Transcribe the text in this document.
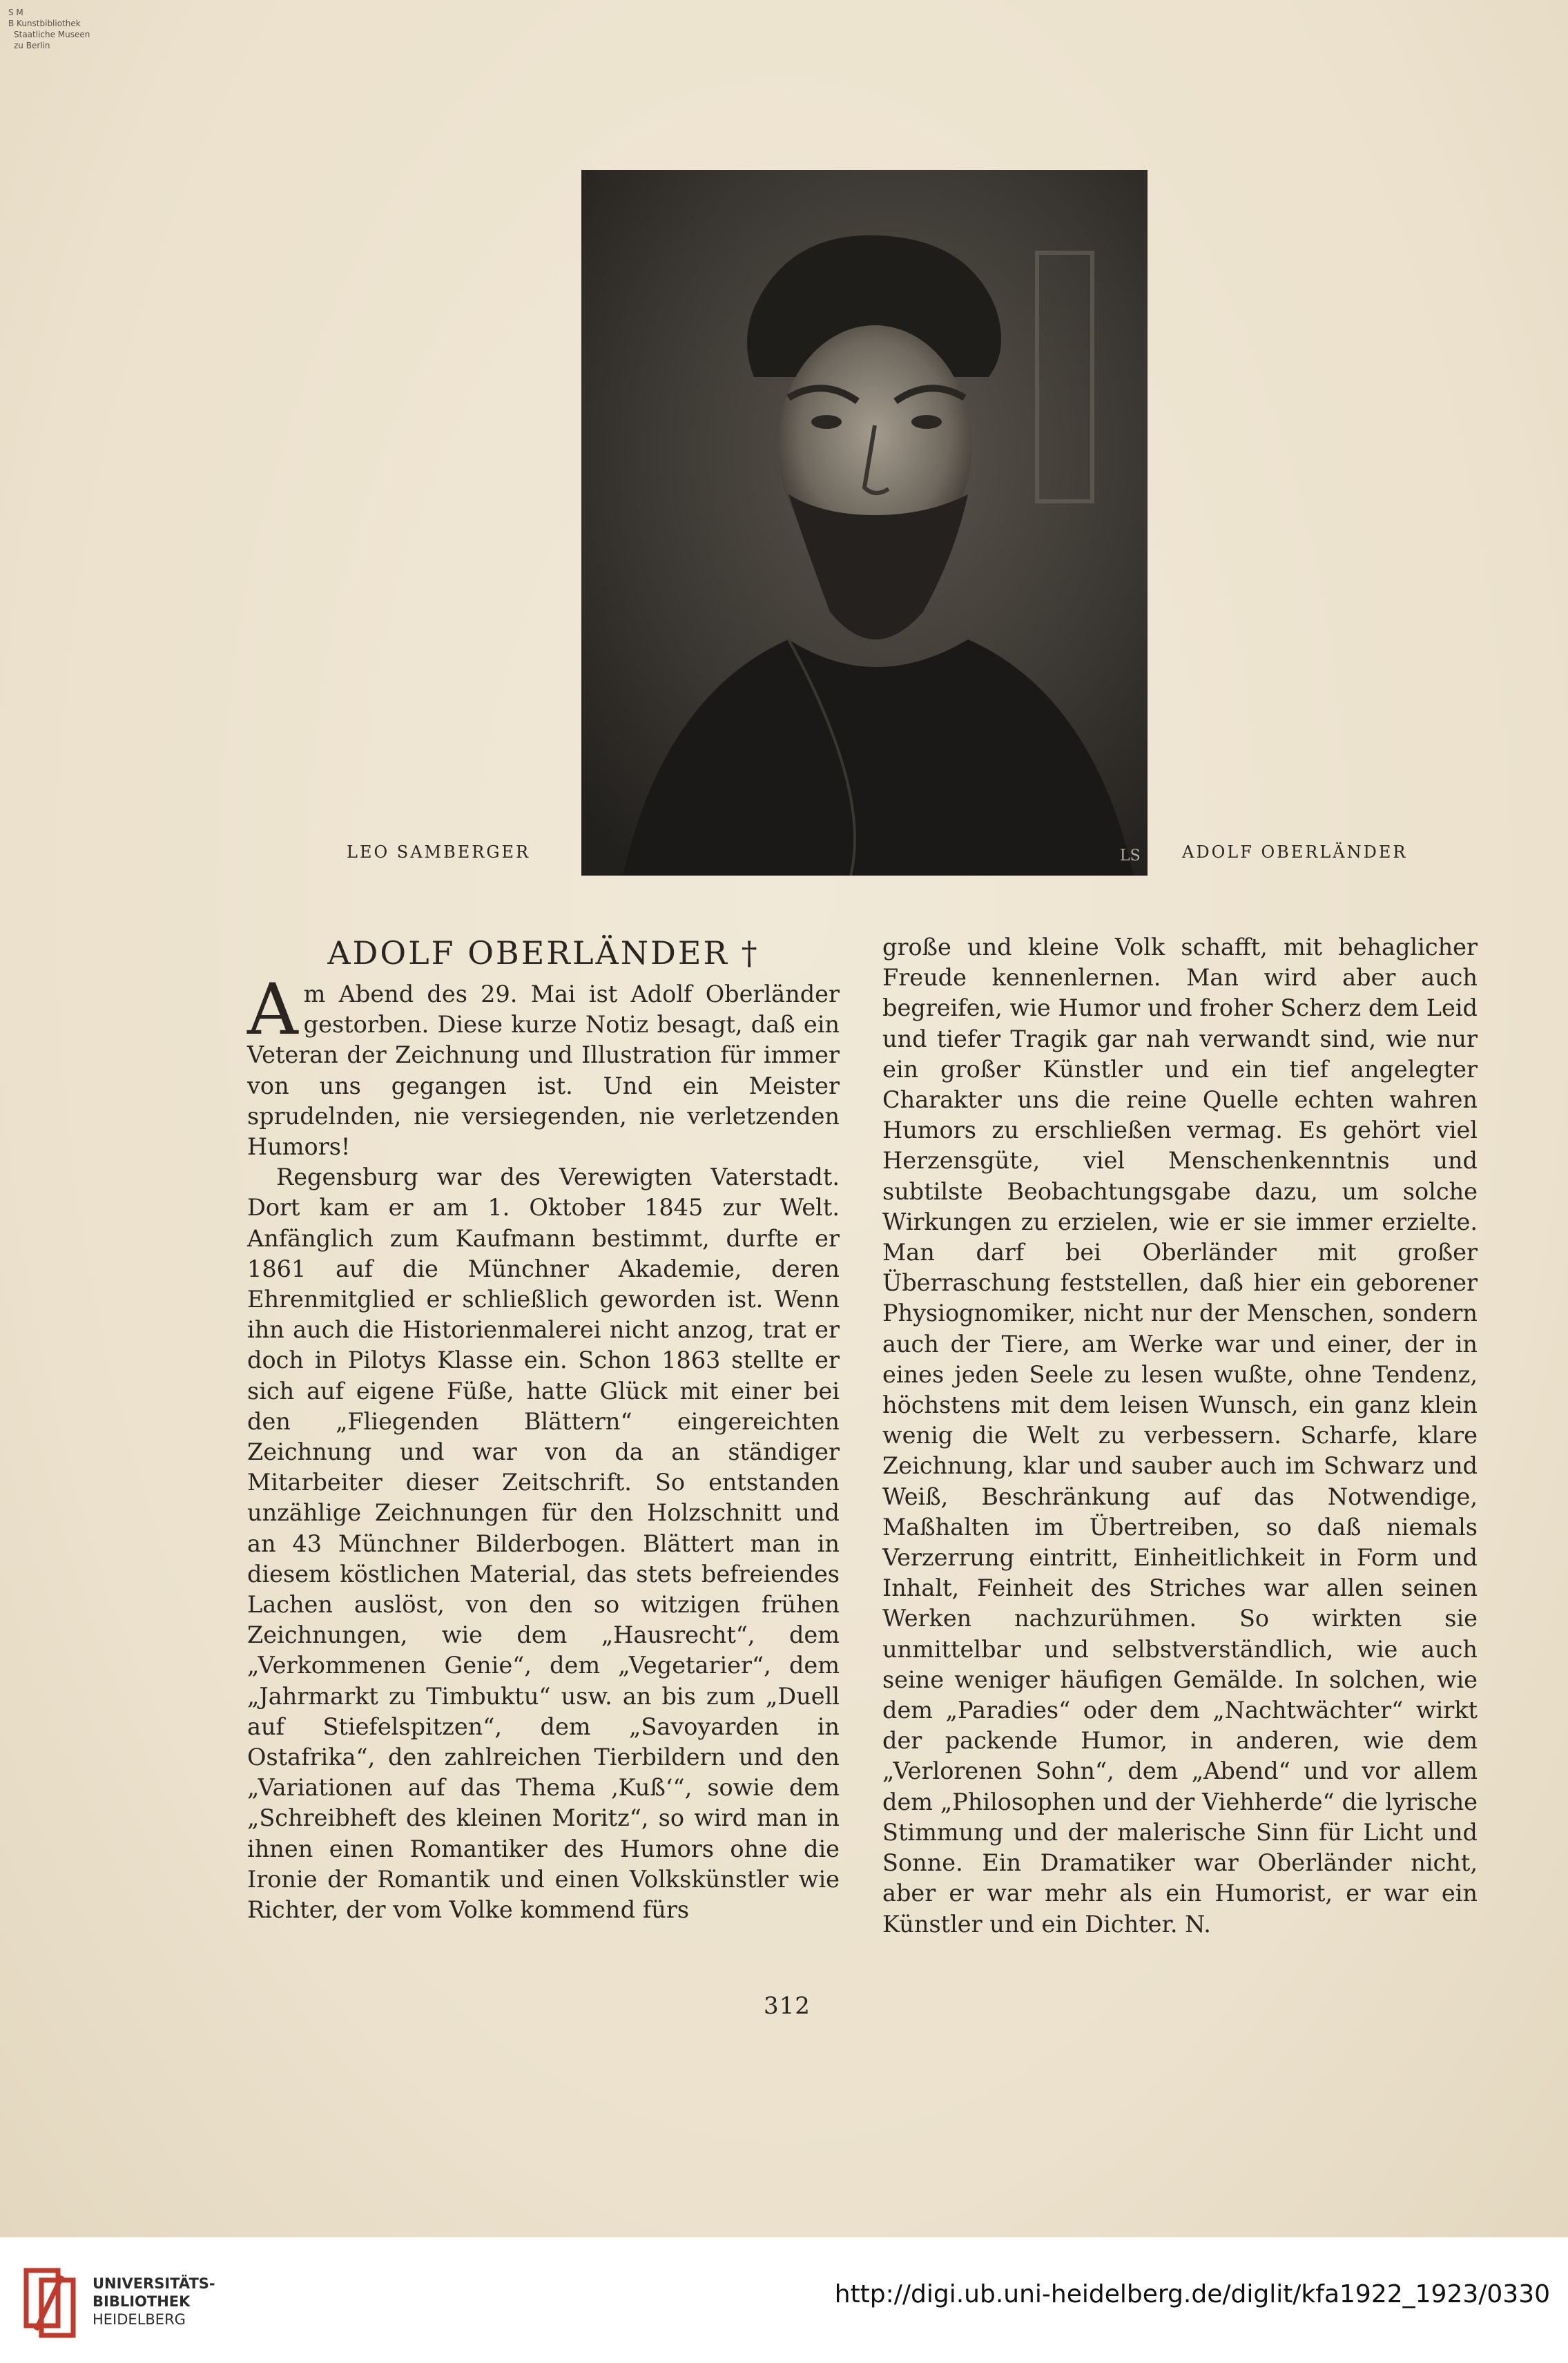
S M
B Kunstbibliothek
Staatliche Museen
zu Berlin
LS
LEO SAMBERGER	ADOLF OBERLÄNDER
ADOLF OBERLÄNDER †

Am Abend des 29. Mai ist Adolf Oberländer gestorben. Diese kurze Notiz besagt, daß ein Veteran der Zeichnung und Illustration für immer von uns gegangen ist. Und ein Meister sprudelnden, nie versiegenden, nie verletzenden Humors!

Regensburg war des Verewigten Vaterstadt. Dort kam er am 1. Oktober 1845 zur Welt. Anfänglich zum Kaufmann bestimmt, durfte er 1861 auf die Münchner Akademie, deren Ehrenmitglied er schließlich geworden ist. Wenn ihn auch die Historienmalerei nicht anzog, trat er doch in Pilotys Klasse ein. Schon 1863 stellte er sich auf eigene Füße, hatte Glück mit einer bei den „Fliegenden Blättern“ eingereichten Zeichnung und war von da an ständiger Mitarbeiter dieser Zeitschrift. So entstanden unzählige Zeichnungen für den Holzschnitt und an 43 Münchner Bilderbogen. Blättert man in diesem köstlichen Material, das stets befreiendes Lachen auslöst, von den so witzigen frühen Zeichnungen, wie dem „Hausrecht“, dem „Verkommenen Genie“, dem „Vegetarier“, dem „Jahrmarkt zu Timbuktu“ usw. an bis zum „Duell auf Stiefelspitzen“, dem „Savoyarden in Ostafrika“, den zahlreichen Tierbildern und den „Variationen auf das Thema ‚Kuß‘“, sowie dem „Schreibheft des kleinen Moritz“, so wird man in ihnen einen Romantiker des Humors ohne die Ironie der Romantik und einen Volkskünstler wie Richter, der vom Volke kommend fürs

große und kleine Volk schafft, mit behaglicher Freude kennenlernen. Man wird aber auch begreifen, wie Humor und froher Scherz dem Leid und tiefer Tragik gar nah verwandt sind, wie nur ein großer Künstler und ein tief angelegter Charakter uns die reine Quelle echten wahren Humors zu erschließen vermag. Es gehört viel Herzensgüte, viel Menschenkenntnis und subtilste Beobachtungsgabe dazu, um solche Wirkungen zu erzielen, wie er sie immer erzielte. Man darf bei Oberländer mit großer Überraschung feststellen, daß hier ein geborener Physiognomiker, nicht nur der Menschen, sondern auch der Tiere, am Werke war und einer, der in eines jeden Seele zu lesen wußte, ohne Tendenz, höchstens mit dem leisen Wunsch, ein ganz klein wenig die Welt zu verbessern. Scharfe, klare Zeichnung, klar und sauber auch im Schwarz und Weiß, Beschränkung auf das Notwendige, Maßhalten im Übertreiben, so daß niemals Verzerrung eintritt, Einheitlichkeit in Form und Inhalt, Feinheit des Striches war allen seinen Werken nachzurühmen. So wirkten sie unmittelbar und selbstverständlich, wie auch seine weniger häufigen Gemälde. In solchen, wie dem „Paradies“ oder dem „Nachtwächter“ wirkt der packende Humor, in anderen, wie dem „Verlorenen Sohn“, dem „Abend“ und vor allem dem „Philosophen und der Viehherde“ die lyrische Stimmung und der malerische Sinn für Licht und Sonne. Ein Dramatiker war Oberländer nicht, aber er war mehr als ein Humorist, er war ein Künstler und ein Dichter. N.

312
UNIVERSITÄTS-
BIBLIOTHEK
HEIDELBERG
http://digi.ub.uni-heidelberg.de/diglit/kfa1922_1923/0330
